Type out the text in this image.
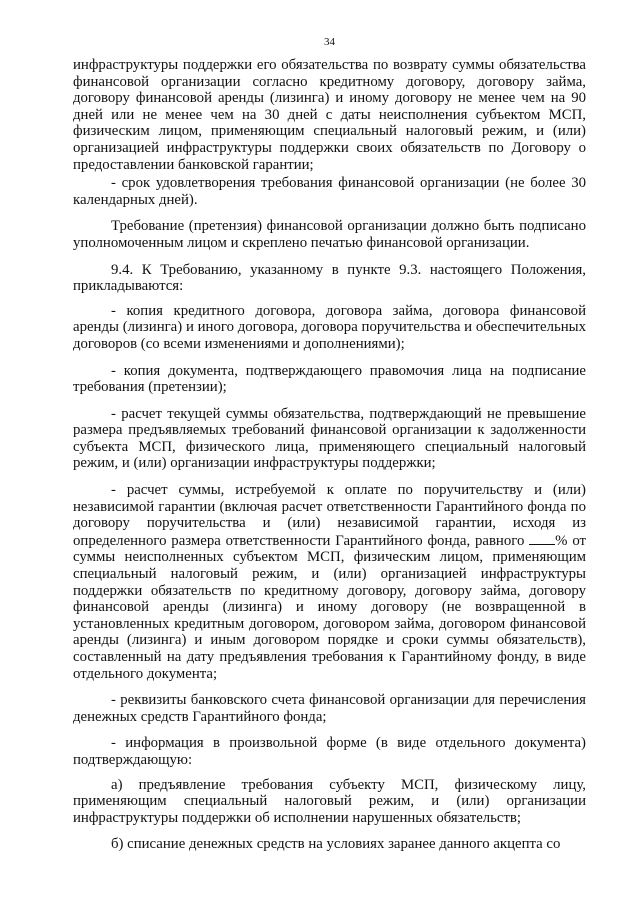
34

инфраструктуры поддержки его обязательства по возврату суммы обязательства финансовой организации согласно кредитному договору, договору займа, договору финансовой аренды (лизинга) и иному договору не менее чем на 90 дней или не менее чем на 30 дней с даты неисполнения субъектом МСП, физическим лицом, применяющим специальный налоговый режим, и (или) организацией инфраструктуры поддержки своих обязательств по Договору о предоставлении банковской гарантии;

- срок удовлетворения требования финансовой организации (не более 30 календарных дней).

Требование (претензия) финансовой организации должно быть подписано уполномоченным лицом и скреплено печатью финансовой организации.

9.4. К Требованию, указанному в пункте 9.3. настоящего Положения, прикладываются:

- копия кредитного договора, договора займа, договора финансовой аренды (лизинга) и иного договора, договора поручительства и обеспечительных договоров (со всеми изменениями и дополнениями);

- копия документа, подтверждающего правомочия лица на подписание требования (претензии);

- расчет текущей суммы обязательства, подтверждающий не превышение размера предъявляемых требований финансовой организации к задолженности субъекта МСП, физического лица, применяющего специальный налоговый режим, и (или) организации инфраструктуры поддержки;

- расчет суммы, истребуемой к оплате по поручительству и (или) независимой гарантии (включая расчет ответственности Гарантийного фонда по договору поручительства и (или) независимой гарантии, исходя из определенного размера ответственности Гарантийного фонда, равного % от суммы неисполненных субъектом МСП, физическим лицом, применяющим специальный налоговый режим, и (или) организацией инфраструктуры поддержки обязательств по кредитному договору, договору займа, договору финансовой аренды (лизинга) и иному договору (не возвращенной в установленных кредитным договором, договором займа, договором финансовой аренды (лизинга) и иным договором порядке и сроки суммы обязательств), составленный на дату предъявления требования к Гарантийному фонду, в виде отдельного документа;

- реквизиты банковского счета финансовой организации для перечисления денежных средств Гарантийного фонда;

- информация в произвольной форме (в виде отдельного документа) подтверждающую:

а) предъявление требования субъекту МСП, физическому лицу, применяющим специальный налоговый режим, и (или) организации инфраструктуры поддержки об исполнении нарушенных обязательств;

б) списание денежных средств на условиях заранее данного акцепта со
